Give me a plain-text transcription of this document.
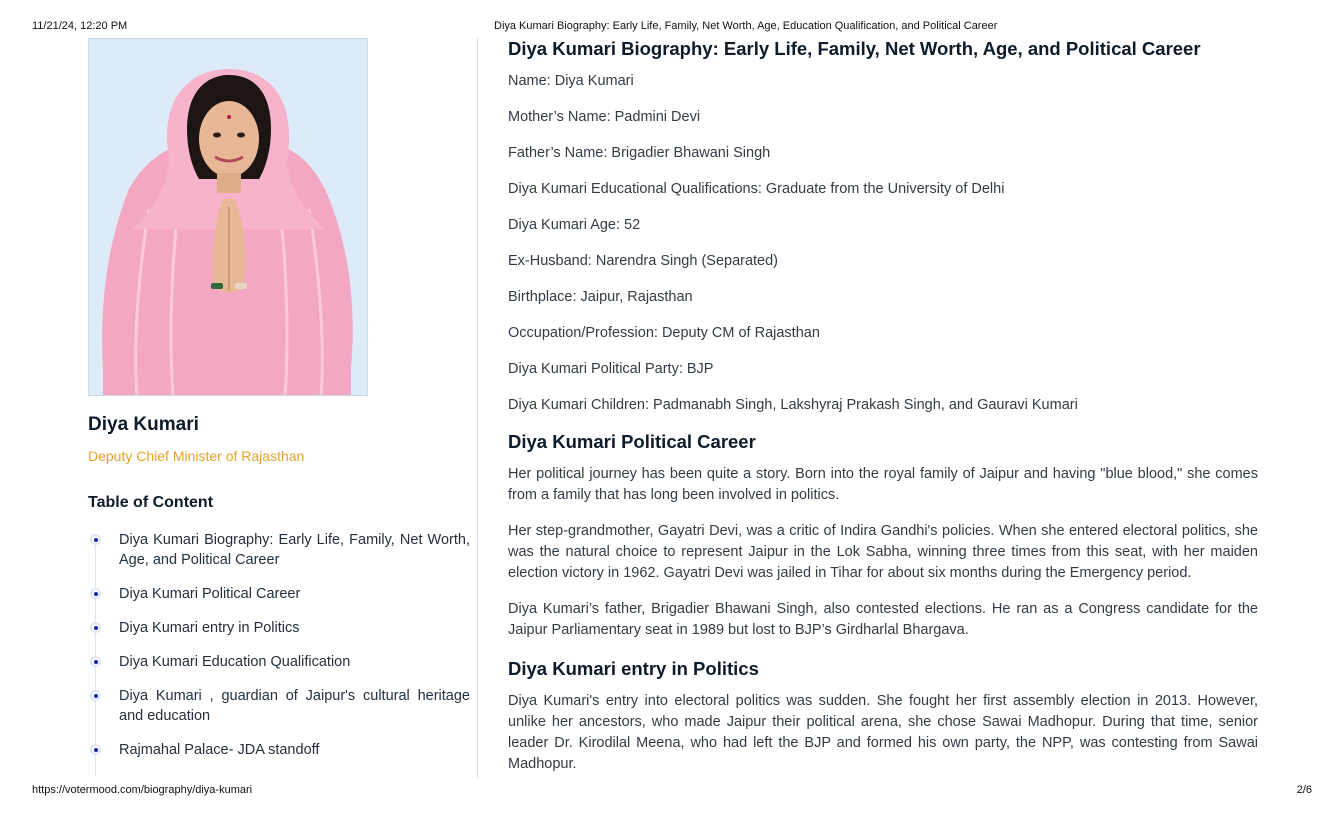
11/21/24, 12:20 PM	Diya Kumari Biography: Early Life, Family, Net Worth, Age, Education Qualification, and Political Career
Diya Kumari
Deputy Chief Minister of Rajasthan
Table of Content
Diya Kumari Biography: Early Life, Family, Net Worth, Age, and Political Career
Diya Kumari Political Career
Diya Kumari entry in Politics
Diya Kumari Education Qualification
Diya Kumari , guardian of Jaipur's cultural heritage and education
Rajmahal Palace- JDA standoff
Diya Kumari Biography: Early Life, Family, Net Worth, Age, and Political Career
Name: Diya Kumari
Mother’s Name: Padmini Devi
Father’s Name: Brigadier Bhawani Singh
Diya Kumari Educational Qualifications: Graduate from the University of Delhi
Diya Kumari Age: 52
Ex-Husband: Narendra Singh (Separated)
Birthplace: Jaipur, Rajasthan
Occupation/Profession: Deputy CM of Rajasthan
Diya Kumari Political Party: BJP
Diya Kumari Children: Padmanabh Singh, Lakshyraj Prakash Singh, and Gauravi Kumari
Diya Kumari Political Career

Her political journey has been quite a story. Born into the royal family of Jaipur and having "blue blood," she comes from a family that has long been involved in politics.

Her step-grandmother, Gayatri Devi, was a critic of Indira Gandhi's policies. When she entered electoral politics, she was the natural choice to represent Jaipur in the Lok Sabha, winning three times from this seat, with her maiden election victory in 1962. Gayatri Devi was jailed in Tihar for about six months during the Emergency period.

Diya Kumari’s father, Brigadier Bhawani Singh, also contested elections. He ran as a Congress candidate for the Jaipur Parliamentary seat in 1989 but lost to BJP’s Girdharlal Bhargava.

Diya Kumari entry in Politics

Diya Kumari's entry into electoral politics was sudden. She fought her first assembly election in 2013. However, unlike her ancestors, who made Jaipur their political arena, she chose Sawai Madhopur. During that time, senior leader Dr. Kirodilal Meena, who had left the BJP and formed his own party, the NPP, was contesting from Sawai Madhopur.

https://votermood.com/biography/diya-kumari	2/6
